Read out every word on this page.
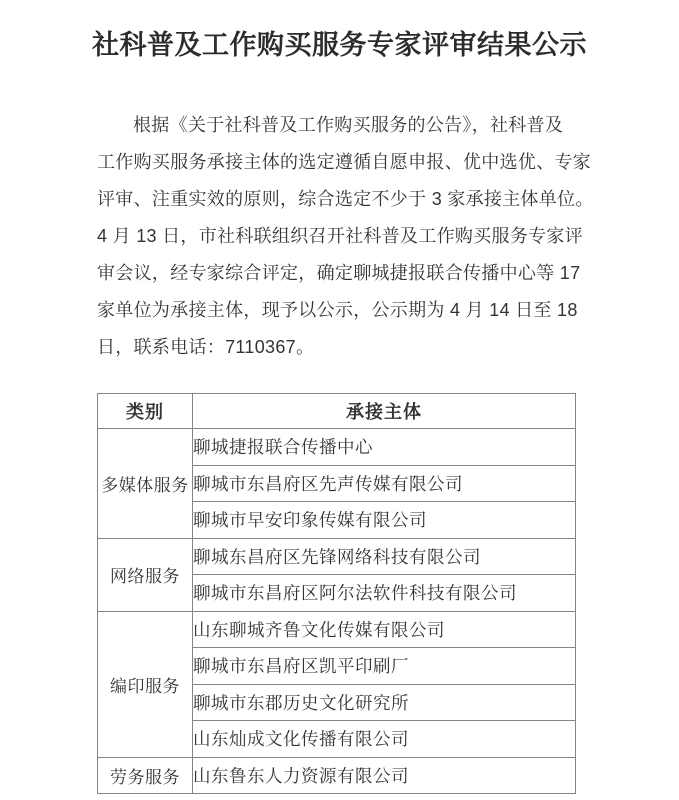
社科普及工作购买服务专家评审结果公示
根据《关于社科普及工作购买服务的公告》，社科普及
工作购买服务承接主体的选定遵循自愿申报、优中选优、专家
评审、注重实效的原则，综合选定不少于 3 家承接主体单位。
4 月 13 日，市社科联组织召开社科普及工作购买服务专家评
审会议，经专家综合评定，确定聊城捷报联合传播中心等 17
家单位为承接主体，现予以公示，公示期为 4 月 14 日至 18
日，联系电话：7110367。
类别	承接主体
多媒体服务	聊城捷报联合传播中心
	聊城市东昌府区先声传媒有限公司
	聊城市早安印象传媒有限公司
网络服务	聊城东昌府区先锋网络科技有限公司
	聊城市东昌府区阿尔法软件科技有限公司
编印服务	山东聊城齐鲁文化传媒有限公司
	聊城市东昌府区凯平印刷厂
	聊城市东郡历史文化研究所
	山东灿成文化传播有限公司
劳务服务	山东鲁东人力资源有限公司
